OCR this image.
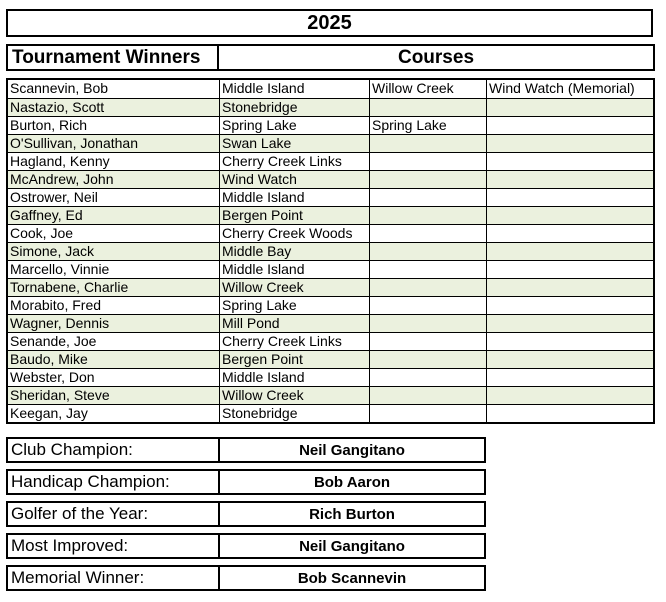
2025
Tournament Winners	Courses
Scannevin, Bob	Middle Island	Willow Creek	Wind Watch (Memorial)
Nastazio, Scott	Stonebridge
Burton, Rich	Spring Lake	Spring Lake
O'Sullivan, Jonathan	Swan Lake
Hagland, Kenny	Cherry Creek Links
McAndrew, John	Wind Watch
Ostrower, Neil	Middle Island
Gaffney, Ed	Bergen Point
Cook, Joe	Cherry Creek Woods
Simone, Jack	Middle Bay
Marcello, Vinnie	Middle Island
Tornabene, Charlie	Willow Creek
Morabito, Fred	Spring Lake
Wagner, Dennis	Mill Pond
Senande, Joe	Cherry Creek Links
Baudo, Mike	Bergen Point
Webster, Don	Middle Island
Sheridan, Steve	Willow Creek
Keegan, Jay	Stonebridge
Club Champion:	Neil Gangitano
Handicap Champion:	Bob Aaron
Golfer of the Year:	Rich Burton
Most Improved:	Neil Gangitano
Memorial Winner:	Bob Scannevin
